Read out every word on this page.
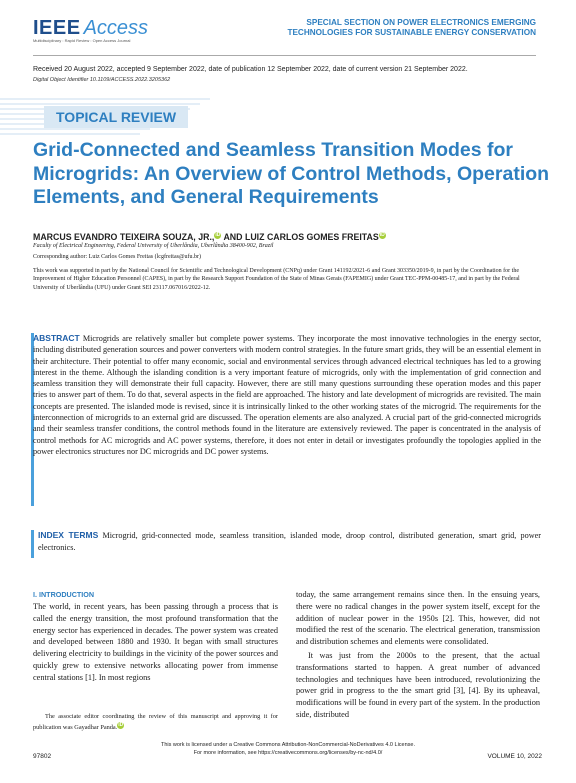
IEEE Access
Multidisciplinary : Rapid Review : Open Access Journal
SPECIAL SECTION ON POWER ELECTRONICS EMERGING
TECHNOLOGIES FOR SUSTAINABLE ENERGY CONSERVATION
Received 20 August 2022, accepted 9 September 2022, date of publication 12 September 2022, date of current version 21 September 2022.
Digital Object Identifier 10.1109/ACCESS.2022.3205362
TOPICAL REVIEW
Grid-Connected and Seamless Transition Modes for Microgrids: An Overview of Control Methods, Operation Elements, and General Requirements
MARCUS EVANDRO TEIXEIRA SOUZA, JR.,iD AND LUIZ CARLOS GOMES FREITASiD
Faculty of Electrical Engineering, Federal University of Uberlândia, Uberlândia 38400-902, Brazil
Corresponding author: Luiz Carlos Gomes Freitas (lcgfreitas@ufu.br)
This work was supported in part by the National Council for Scientific and Technological Development (CNPq) under Grant 141192/2021-6 and Grant 303350/2019-9, in part by the Coordination for the Improvement of Higher Education Personnel (CAPES), in part by the Research Support Foundation of the State of Minas Gerais (FAPEMIG) under Grant TEC-PPM-00485-17, and in part by the Federal University of Uberlândia (UFU) under Grant SEI 23117.067016/2022-12.
ABSTRACT Microgrids are relatively smaller but complete power systems. They incorporate the most innovative technologies in the energy sector, including distributed generation sources and power converters with modern control strategies. In the future smart grids, they will be an essential element in their architecture. Their potential to offer many economic, social and environmental services through advanced electrical techniques has led to a growing interest in the theme. Although the islanding condition is a very important feature of microgrids, only with the implementation of grid connection and seamless transition they will demonstrate their full capacity. However, there are still many questions surrounding these operation modes and this paper tries to answer part of them. To do that, several aspects in the field are approached. The history and late development of microgrids are revisited. The main concepts are presented. The islanded mode is revised, since it is intrinsically linked to the other working states of the microgrid. The requirements for the interconnection of microgrids to an external grid are discussed. The operation elements are also analyzed. A crucial part of the grid-connected microgrids and their seamless transfer conditions, the control methods found in the literature are extensively reviewed. The paper is concentrated in the analysis of control methods for AC microgrids and AC power systems, therefore, it does not enter in detail or investigates profoundly the topologies applied in the power electronics structures nor DC microgrids and DC power systems.
INDEX TERMS Microgrid, grid-connected mode, seamless transition, islanded mode, droop control, distributed generation, smart grid, power electronics.
I. INTRODUCTION
The world, in recent years, has been passing through a process that is called the energy transition, the most profound transformation that the energy sector has experienced in decades. The power system was created and developed between 1880 and 1930. It began with small structures delivering electricity to buildings in the vicinity of the power sources and quickly grew to extensive networks allocating power from immense central stations [1]. In most regions

today, the same arrangement remains since then. In the ensuing years, there were no radical changes in the power system itself, except for the addition of nuclear power in the 1950s [2]. This, however, did not modified the rest of the scenario. The electrical generation, transmission and distribution schemes and elements were consolidated.

It was just from the 2000s to the present, that the actual transformations started to happen. A great number of advanced technologies and techniques have been introduced, revolutionizing the power grid in progress to the the smart grid [3], [4]. By its upheaval, modifications will be found in every part of the system. In the production side, distributed

The associate editor coordinating the review of this manuscript and approving it for publication was Gayadhar Panda.iD
This work is licensed under a Creative Commons Attribution-NonCommercial-NoDerivatives 4.0 License.
For more information, see https://creativecommons.org/licenses/by-nc-nd/4.0/
97802	VOLUME 10, 2022
